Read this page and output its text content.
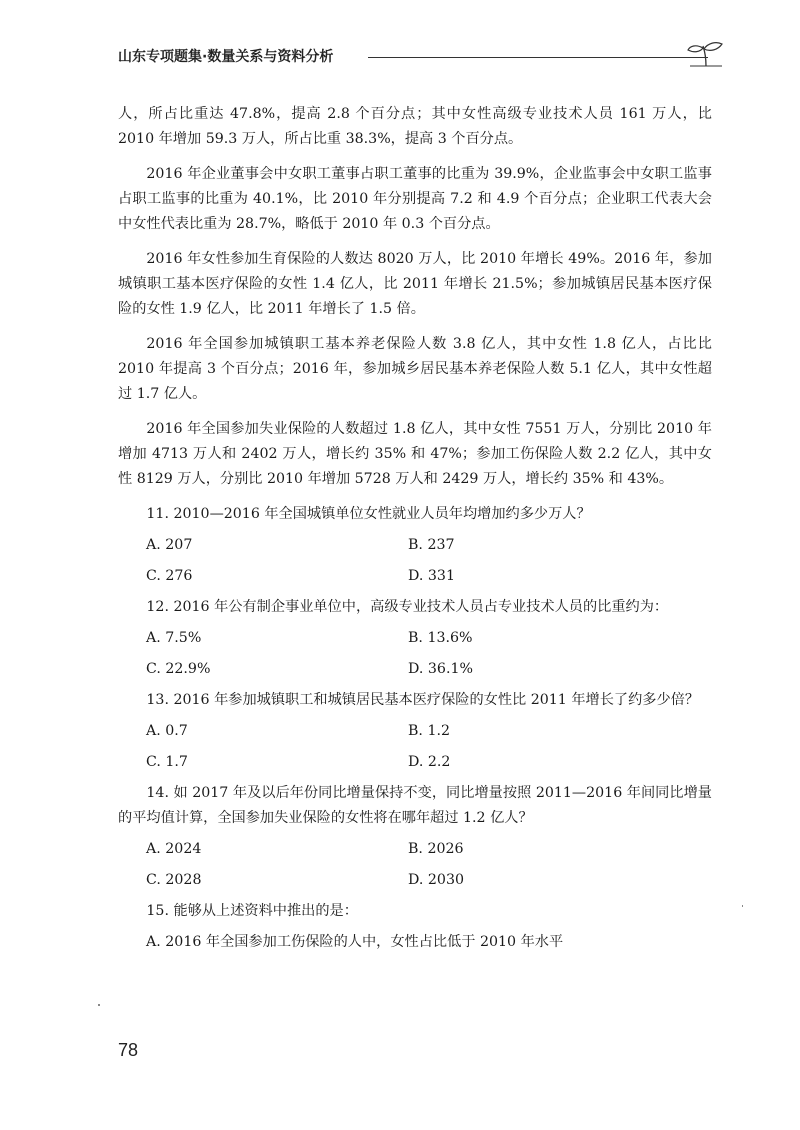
山东专项题集·数量关系与资料分析

人，所占比重达 47.8%，提高 2.8 个百分点；其中女性高级专业技术人员 161 万人，比 2010 年增加 59.3 万人，所占比重 38.3%，提高 3 个百分点。

2016 年企业董事会中女职工董事占职工董事的比重为 39.9%，企业监事会中女职工监事占职工监事的比重为 40.1%，比 2010 年分别提高 7.2 和 4.9 个百分点；企业职工代表大会中女性代表比重为 28.7%，略低于 2010 年 0.3 个百分点。

2016 年女性参加生育保险的人数达 8020 万人，比 2010 年增长 49%。2016 年，参加城镇职工基本医疗保险的女性 1.4 亿人，比 2011 年增长 21.5%；参加城镇居民基本医疗保险的女性 1.9 亿人，比 2011 年增长了 1.5 倍。

2016 年全国参加城镇职工基本养老保险人数 3.8 亿人，其中女性 1.8 亿人，占比比 2010 年提高 3 个百分点；2016 年，参加城乡居民基本养老保险人数 5.1 亿人，其中女性超过 1.7 亿人。

2016 年全国参加失业保险的人数超过 1.8 亿人，其中女性 7551 万人，分别比 2010 年增加 4713 万人和 2402 万人，增长约 35% 和 47%；参加工伤保险人数 2.2 亿人，其中女性 8129 万人，分别比 2010 年增加 5728 万人和 2429 万人，增长约 35% 和 43%。

11. 2010—2016 年全国城镇单位女性就业人员年均增加约多少万人？

A. 207	B. 237
C. 276	D. 331

12. 2016 年公有制企事业单位中，高级专业技术人员占专业技术人员的比重约为：

A. 7.5%	B. 13.6%
C. 22.9%	D. 36.1%

13. 2016 年参加城镇职工和城镇居民基本医疗保险的女性比 2011 年增长了约多少倍？

A. 0.7	B. 1.2
C. 1.7	D. 2.2

14. 如 2017 年及以后年份同比增量保持不变，同比增量按照 2011—2016 年间同比增量的平均值计算，全国参加失业保险的女性将在哪年超过 1.2 亿人？

A. 2024	B. 2026
C. 2028	D. 2030

15. 能够从上述资料中推出的是：

A. 2016 年全国参加工伤保险的人中，女性占比低于 2010 年水平
78
